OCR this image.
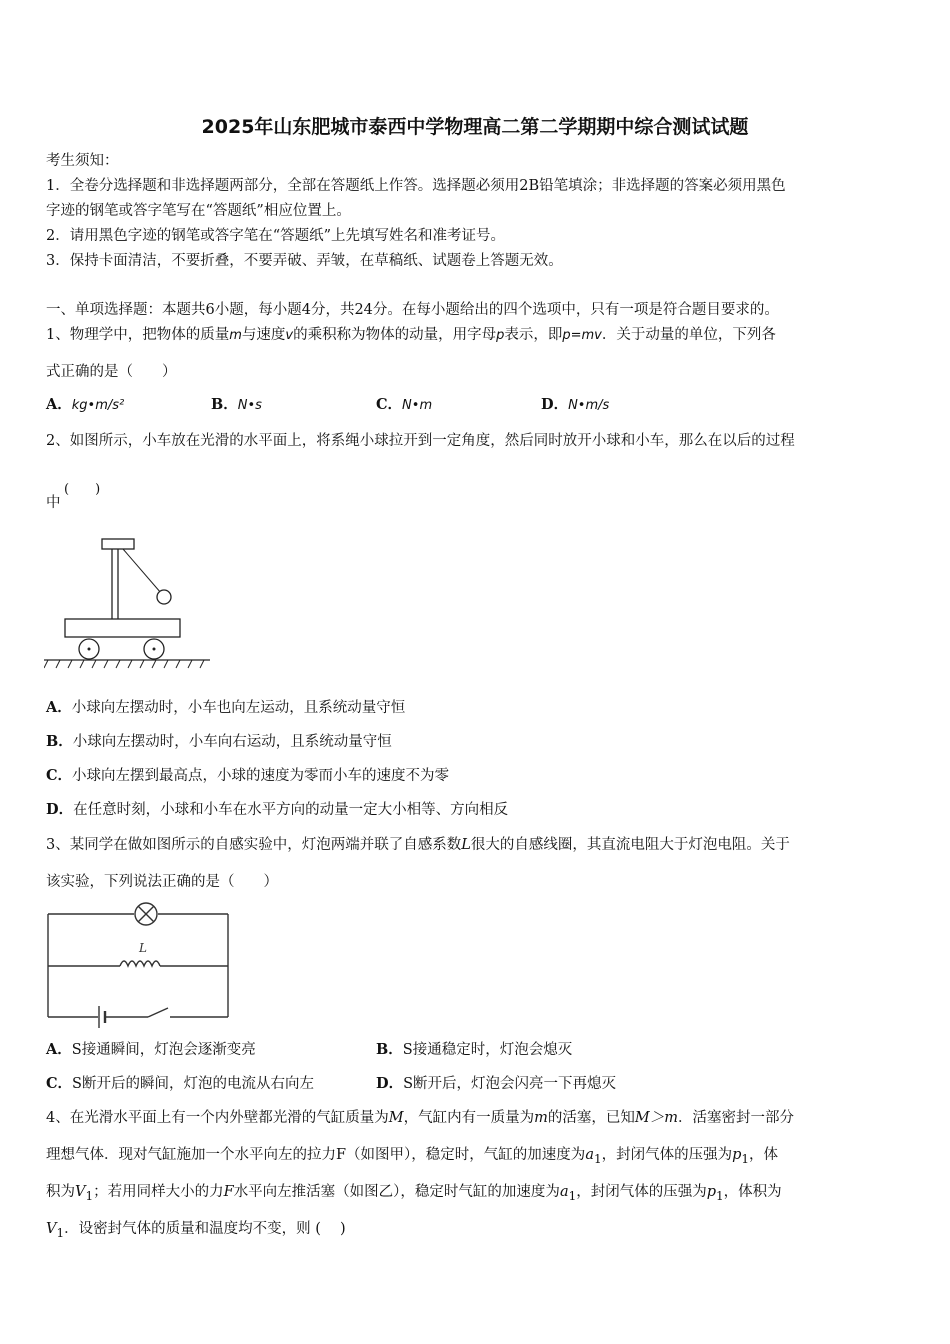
2025年山东肥城市泰西中学物理高二第二学期期中综合测试试题
考生须知：
1．全卷分选择题和非选择题两部分，全部在答题纸上作答。选择题必须用2B铅笔填涂；非选择题的答案必须用黑色
字迹的钢笔或答字笔写在“答题纸”相应位置上。
2．请用黑色字迹的钢笔或答字笔在“答题纸”上先填写姓名和准考证号。
3．保持卡面清洁，不要折叠，不要弄破、弄皱，在草稿纸、试题卷上答题无效。
一、单项选择题：本题共6小题，每小题4分，共24分。在每小题给出的四个选项中，只有一项是符合题目要求的。
1、物理学中，把物体的质量m与速度v的乘积称为物体的动量，用字母p表示，即p=mv．关于动量的单位，下列各
式正确的是（　　）
A．kg•m/s²	B．N•s	C．N•m	D．N•m/s
2、如图所示，小车放在光滑的水平面上，将系绳小球拉开到一定角度，然后同时放开小球和小车，那么在以后的过程
中
(　　)
A．小球向左摆动时，小车也向左运动，且系统动量守恒
B．小球向左摆动时，小车向右运动，且系统动量守恒
C．小球向左摆到最高点，小球的速度为零而小车的速度不为零
D．在任意时刻，小球和小车在水平方向的动量一定大小相等、方向相反
3、某同学在做如图所示的自感实验中，灯泡两端并联了自感系数L很大的自感线圈，其直流电阻大于灯泡电阻。关于
该实验，下列说法正确的是（　　）
L
A．S接通瞬间，灯泡会逐渐变亮	B．S接通稳定时，灯泡会熄灭
C．S断开后的瞬间，灯泡的电流从右向左	D．S断开后，灯泡会闪亮一下再熄灭
4、在光滑水平面上有一个内外壁都光滑的气缸质量为M，气缸内有一质量为m的活塞，已知M＞m．活塞密封一部分
理想气体．现对气缸施加一个水平向左的拉力F（如图甲），稳定时，气缸的加速度为$a_1$，封闭气体的压强为$p_1$，体
积为$V_1$；若用同样大小的力F水平向左推活塞（如图乙），稳定时气缸的加速度为$a_1$，封闭气体的压强为$p_1$，体积为
$V_1$．设密封气体的质量和温度均不变，则 (　 )
